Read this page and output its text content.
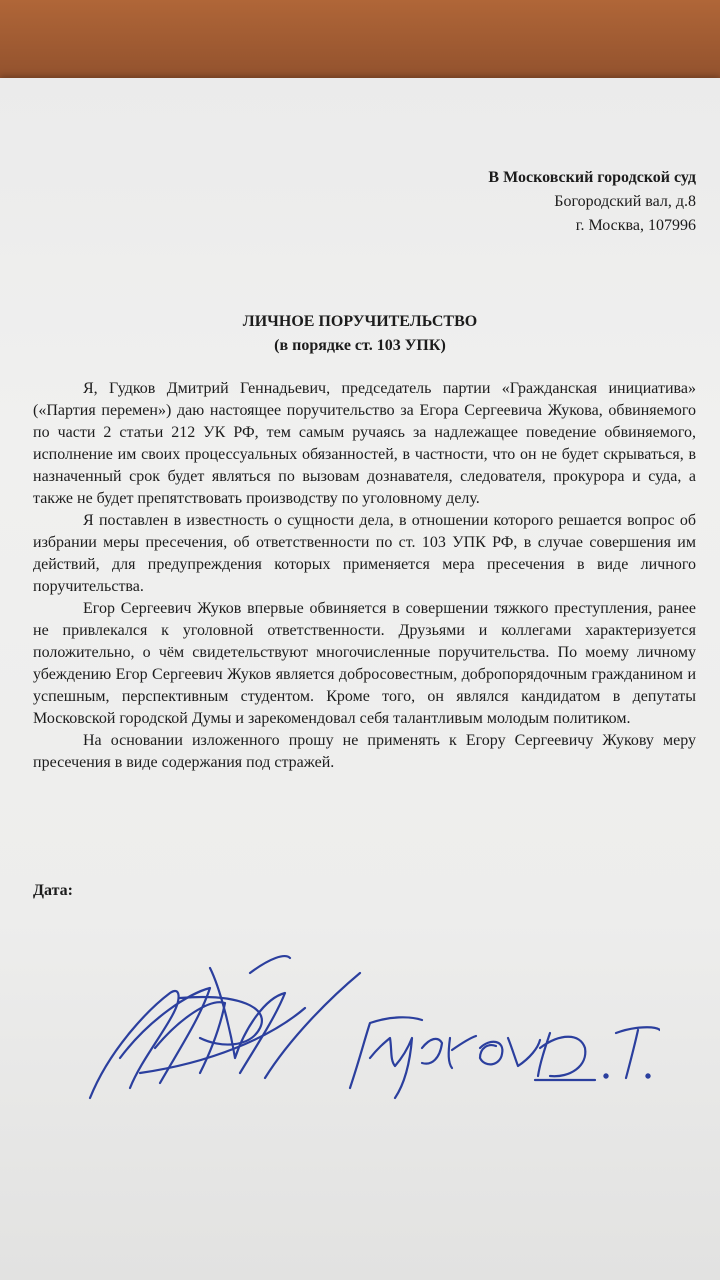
В Московский городской суд
Богородский вал, д.8
г. Москва, 107996
ЛИЧНОЕ ПОРУЧИТЕЛЬСТВО
(в порядке ст. 103 УПК)

Я, Гудков Дмитрий Геннадьевич, председатель партии «Гражданская инициатива» («Партия перемен») даю настоящее поручительство за Егора Сергеевича Жукова, обвиняемого по части 2 статьи 212 УК РФ, тем самым ручаясь за надлежащее поведение обвиняемого, исполнение им своих процессуальных обязанностей, в частности, что он не будет скрываться, в назначенный срок будет являться по вызовам дознавателя, следователя, прокурора и суда, а также не будет препятствовать производству по уголовному делу.

Я поставлен в известность о сущности дела, в отношении которого решается вопрос об избрании меры пресечения, об ответственности по ст. 103 УПК РФ, в случае совершения им действий, для предупреждения которых применяется мера пресечения в виде личного поручительства.

Егор Сергеевич Жуков впервые обвиняется в совершении тяжкого преступления, ранее не привлекался к уголовной ответственности. Друзьями и коллегами характеризуется положительно, о чём свидетельствуют многочисленные поручительства. По моему личному убеждению Егор Сергеевич Жуков является добросовестным, добропорядочным гражданином и успешным, перспективным студентом. Кроме того, он являлся кандидатом в депутаты Московской городской Думы и зарекомендовал себя талантливым молодым политиком.

На основании изложенного прошу не применять к Егору Сергеевичу Жукову меру пресечения в виде содержания под стражей.

Дата:
